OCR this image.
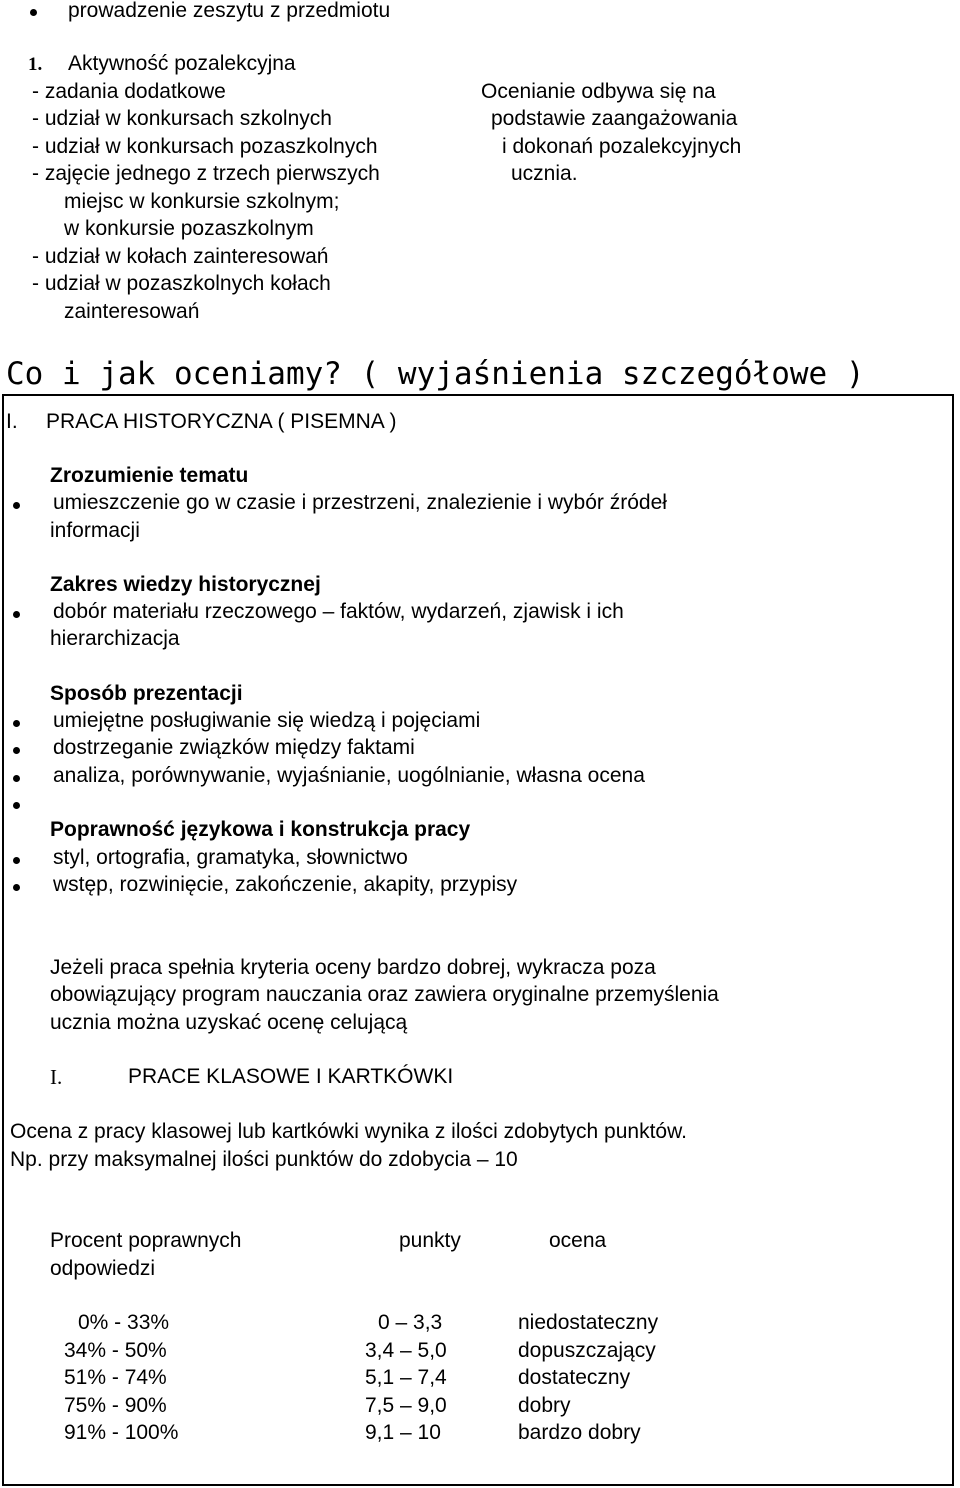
prowadzenie zeszytu z przedmiotu
1. Aktywność pozalekcyjna
- zadania dodatkowe
- udział w konkursach szkolnych
- udział w konkursach pozaszkolnych
- zajęcie jednego z trzech pierwszych
miejsc w konkursie szkolnym;
w konkursie pozaszkolnym
- udział w kołach zainteresowań
- udział w pozaszkolnych kołach
zainteresowań
Ocenianie odbywa się na
podstawie zaangażowania
i dokonań pozalekcyjnych
ucznia.
Co i jak oceniamy? ( wyjaśnienia szczegółowe )
I. PRACA HISTORYCZNA ( PISEMNA )
Zrozumienie tematu
umieszczenie go w czasie i przestrzeni, znalezienie i wybór źródeł
informacji
Zakres wiedzy historycznej
dobór materiału rzeczowego – faktów, wydarzeń, zjawisk i ich
hierarchizacja
Sposób prezentacji
umiejętne posługiwanie się wiedzą i pojęciami
dostrzeganie związków między faktami
analiza, porównywanie, wyjaśnianie, uogólnianie, własna ocena
Poprawność językowa i konstrukcja pracy
styl, ortografia, gramatyka, słownictwo
wstęp, rozwinięcie, zakończenie, akapity, przypisy
Jeżeli praca spełnia kryteria oceny bardzo dobrej, wykracza poza
obowiązujący program nauczania oraz zawiera oryginalne przemyślenia
ucznia można uzyskać ocenę celującą
I.	PRACE KLASOWE I KARTKÓWKI
Ocena z pracy klasowej lub kartkówki wynika z ilości zdobytych punktów.
Np. przy maksymalnej ilości punktów do zdobycia – 10
Procent poprawnych
odpowiedzi
punkty	ocena
0% - 33%	0 – 3,3	niedostateczny
34% - 50%	3,4 – 5,0	dopuszczający
51% - 74%	5,1 – 7,4	dostateczny
75% - 90%	7,5 – 9,0	dobry
91% - 100%	9,1 – 10	bardzo dobry
